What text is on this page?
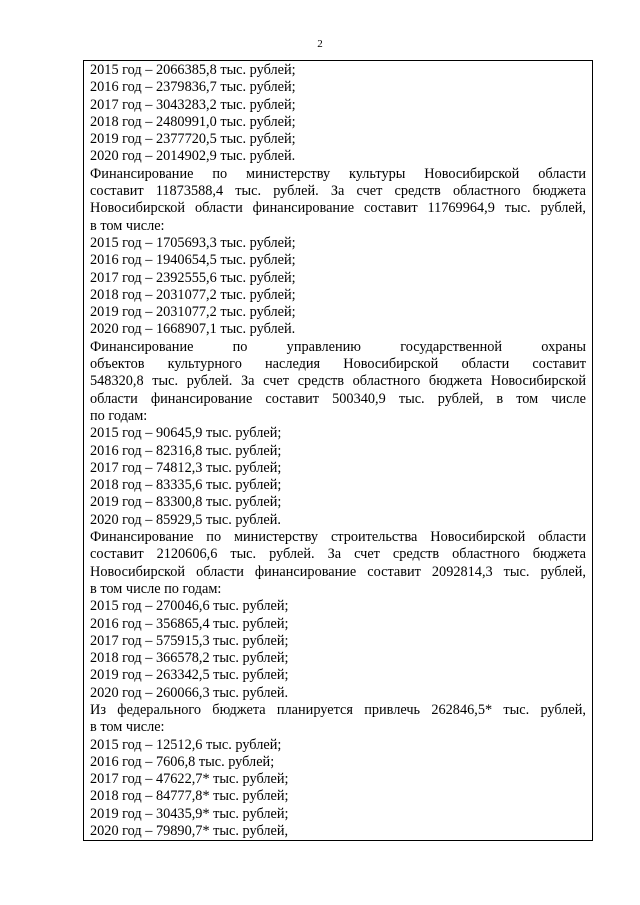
2
2015 год – 2066385,8 тыс. рублей;
2016 год – 2379836,7 тыс. рублей;
2017 год – 3043283,2 тыс. рублей;
2018 год – 2480991,0 тыс. рублей;
2019 год – 2377720,5 тыс. рублей;
2020 год – 2014902,9 тыс. рублей.
Финансирование по министерству культуры Новосибирской области
составит 11873588,4 тыс. рублей. За счет средств областного бюджета
Новосибирской области финансирование составит 11769964,9 тыс. рублей,
в том числе:
2015 год – 1705693,3 тыс. рублей;
2016 год – 1940654,5 тыс. рублей;
2017 год – 2392555,6 тыс. рублей;
2018 год – 2031077,2 тыс. рублей;
2019 год – 2031077,2 тыс. рублей;
2020 год – 1668907,1 тыс. рублей.
Финансирование по управлению государственной охраны
объектов культурного наследия Новосибирской области составит
548320,8 тыс. рублей. За счет средств областного бюджета Новосибирской
области финансирование составит 500340,9 тыс. рублей, в том числе
по годам:
2015 год – 90645,9 тыс. рублей;
2016 год – 82316,8 тыс. рублей;
2017 год – 74812,3 тыс. рублей;
2018 год – 83335,6 тыс. рублей;
2019 год – 83300,8 тыс. рублей;
2020 год – 85929,5 тыс. рублей.
Финансирование по министерству строительства Новосибирской области
составит 2120606,6 тыс. рублей. За счет средств областного бюджета
Новосибирской области финансирование составит 2092814,3 тыс. рублей,
в том числе по годам:
2015 год – 270046,6 тыс. рублей;
2016 год – 356865,4 тыс. рублей;
2017 год – 575915,3 тыс. рублей;
2018 год – 366578,2 тыс. рублей;
2019 год – 263342,5 тыс. рублей;
2020 год – 260066,3 тыс. рублей.
Из федерального бюджета планируется привлечь 262846,5* тыс. рублей,
в том числе:
2015 год – 12512,6 тыс. рублей;
2016 год – 7606,8 тыс. рублей;
2017 год – 47622,7* тыс. рублей;
2018 год – 84777,8* тыс. рублей;
2019 год – 30435,9* тыс. рублей;
2020 год – 79890,7* тыс. рублей,
